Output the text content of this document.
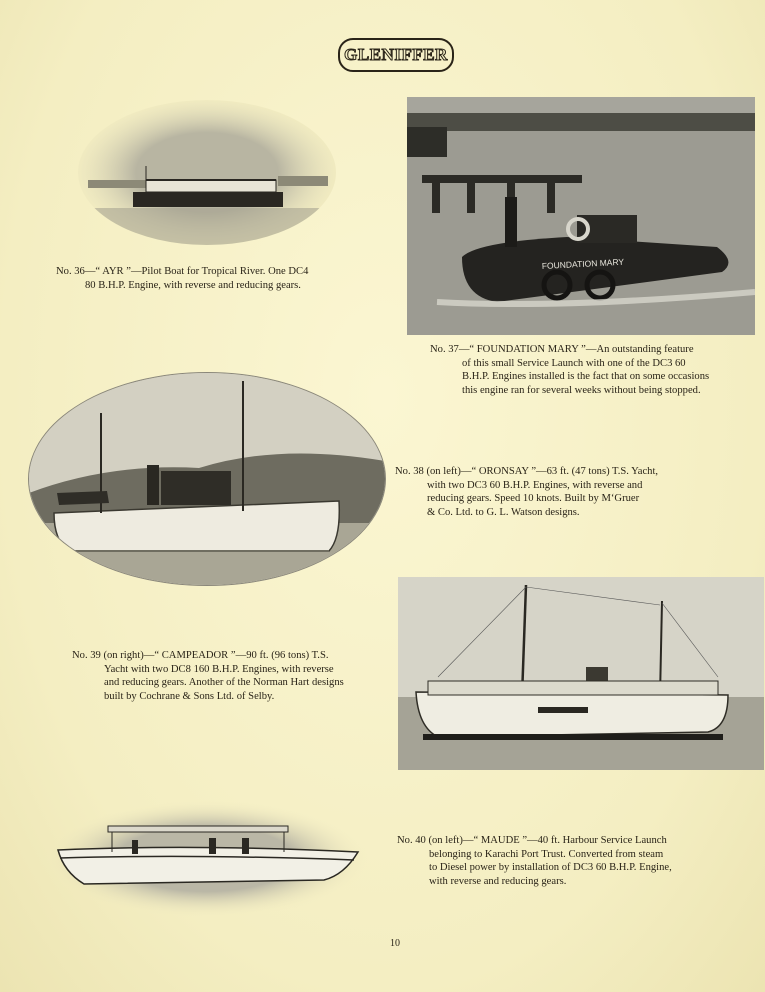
GLENIFFER
FOUNDATION MARY
No. 36—“ AYR ”—Pilot Boat for Tropical River. One DC4
80 B.H.P. Engine, with reverse and reducing gears.
No. 37—“ FOUNDATION MARY ”—An outstanding feature
of this small Service Launch with one of the DC3 60
B.H.P. Engines installed is the fact that on some occasions
this engine ran for several weeks without being stopped.
No. 38 (on left)—“ ORONSAY ”—63 ft. (47 tons) T.S. Yacht,
with two DC3 60 B.H.P. Engines, with reverse and
reducing gears. Speed 10 knots. Built by M‘Gruer
& Co. Ltd. to G. L. Watson designs.
No. 39 (on right)—“ CAMPEADOR ”—90 ft. (96 tons) T.S.
Yacht with two DC8 160 B.H.P. Engines, with reverse
and reducing gears. Another of the Norman Hart designs
built by Cochrane & Sons Ltd. of Selby.
No. 40 (on left)—“ MAUDE ”—40 ft. Harbour Service Launch
belonging to Karachi Port Trust. Converted from steam
to Diesel power by installation of DC3 60 B.H.P. Engine,
with reverse and reducing gears.
10
